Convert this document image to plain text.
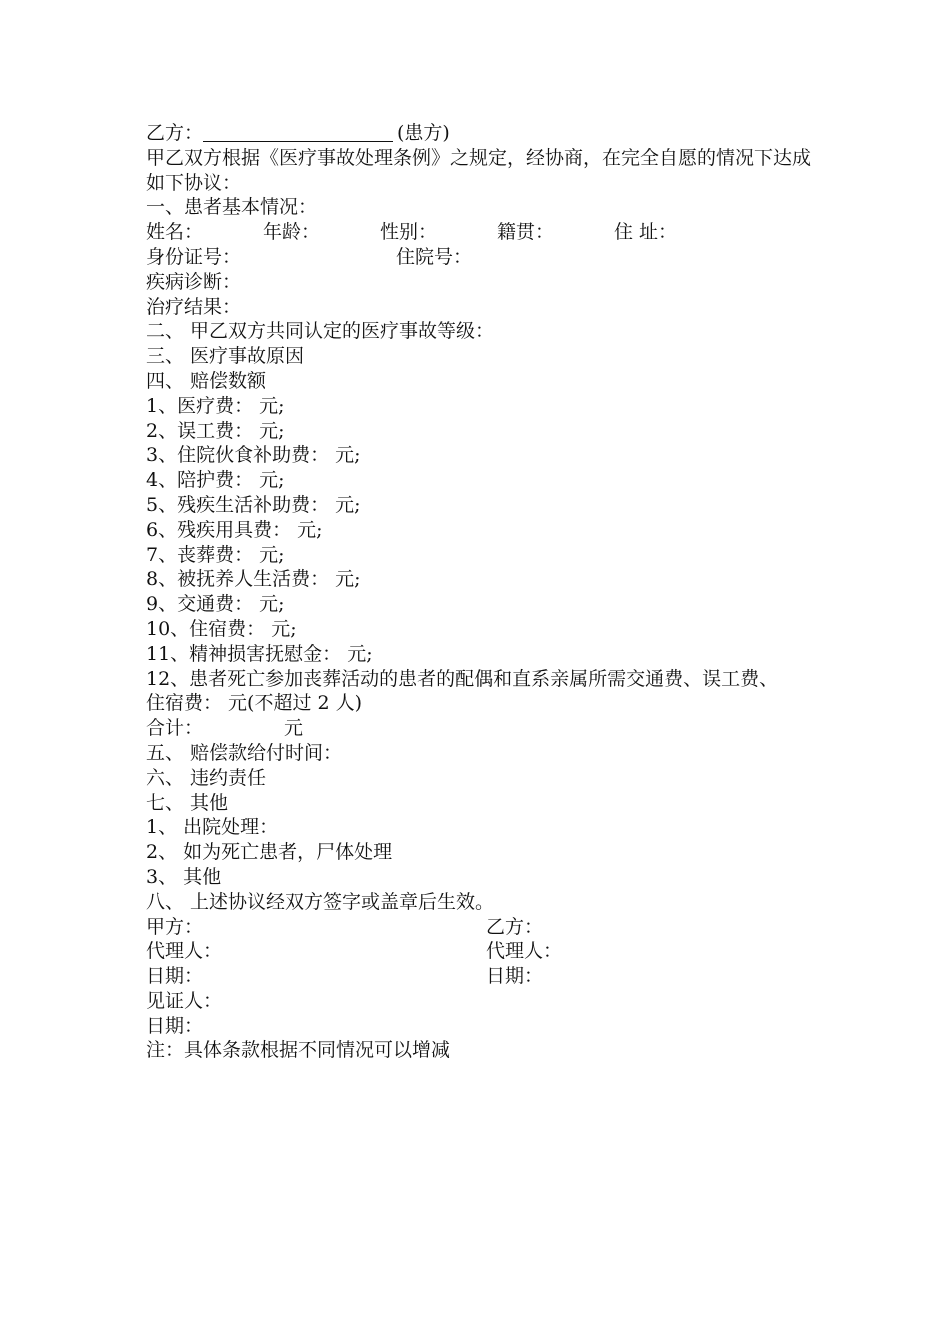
乙方：	(患方)
甲乙双方根据《医疗事故处理条例》之规定，经协商，在完全自愿的情况下达成如下协议：
一、患者基本情况：
姓名：	年龄：	性别：	籍贯：	住 址：
身份证号：	住院号：
疾病诊断：
治疗结果：
二、 甲乙双方共同认定的医疗事故等级：
三、 医疗事故原因
四、 赔偿数额
1、医疗费： 元;
2、误工费： 元;
3、住院伙食补助费： 元;
4、陪护费： 元;
5、残疾生活补助费： 元;
6、残疾用具费： 元;
7、丧葬费： 元;
8、被抚养人生活费： 元;
9、交通费： 元;
10、住宿费： 元;
11、精神损害抚慰金： 元;
12、患者死亡参加丧葬活动的患者的配偶和直系亲属所需交通费、误工费、
住宿费： 元(不超过 2 人)
合计：	元
五、 赔偿款给付时间：
六、 违约责任
七、 其他
1、 出院处理：
2、 如为死亡患者，尸体处理
3、 其他
八、 上述协议经双方签字或盖章后生效。
甲方：	乙方：
代理人：	代理人：
日期：	日期：
见证人：
日期：
注：具体条款根据不同情况可以增减
